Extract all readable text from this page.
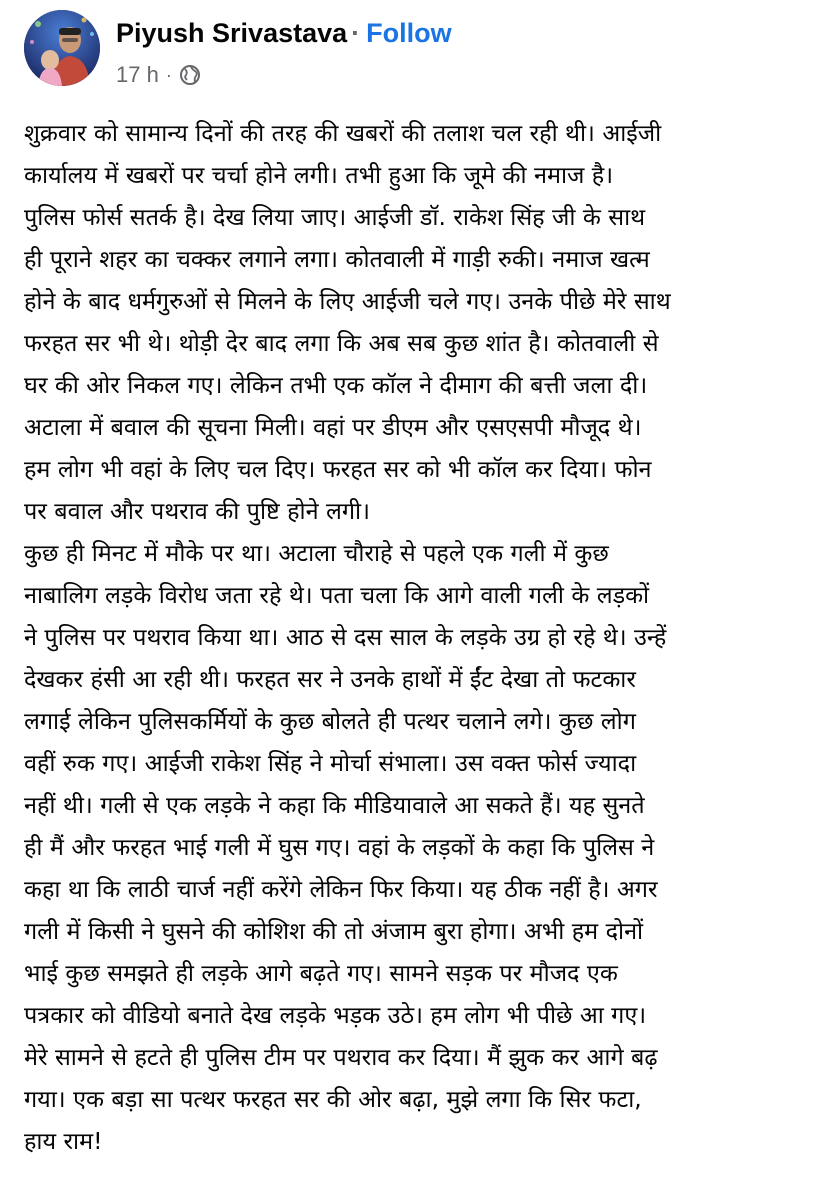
Piyush Srivastava · Follow
17 h ·
शुक्रवार को सामान्य दिनों की तरह की खबरों की तलाश चल रही थी। आईजी
कार्यालय में खबरों पर चर्चा होने लगी। तभी हुआ कि जूमे की नमाज है।
पुलिस फोर्स सतर्क है। देख लिया जाए। आईजी डॉ. राकेश सिंह जी के साथ
ही पूराने शहर का चक्कर लगाने लगा। कोतवाली में गाड़ी रुकी। नमाज खत्म
होने के बाद धर्मगुरुओं से मिलने के लिए आईजी चले गए। उनके पीछे मेरे साथ
फरहत सर भी थे। थोड़ी देर बाद लगा कि अब सब कुछ शांत है। कोतवाली से
घर की ओर निकल गए। लेकिन तभी एक कॉल ने दीमाग की बत्ती जला दी।
अटाला में बवाल की सूचना मिली। वहां पर डीएम और एसएसपी मौजूद थे।
हम लोग भी वहां के लिए चल दिए। फरहत सर को भी कॉल कर दिया। फोन
पर बवाल और पथराव की पुष्टि होने लगी।
कुछ ही मिनट में मौके पर था। अटाला चौराहे से पहले एक गली में कुछ
नाबालिग लड़के विरोध जता रहे थे। पता चला कि आगे वाली गली के लड़कों
ने पुलिस पर पथराव किया था। आठ से दस साल के लड़के उग्र हो रहे थे। उन्हें
देखकर हंसी आ रही थी। फरहत सर ने उनके हाथों में ईंट देखा तो फटकार
लगाई लेकिन पुलिसकर्मियों के कुछ बोलते ही पत्थर चलाने लगे। कुछ लोग
वहीं रुक गए। आईजी राकेश सिंह ने मोर्चा संभाला। उस वक्त फोर्स ज्यादा
नहीं थी। गली से एक लड़के ने कहा कि मीडियावाले आ सकते हैं। यह सुनते
ही मैं और फरहत भाई गली में घुस गए। वहां के लड़कों के कहा कि पुलिस ने
कहा था कि लाठी चार्ज नहीं करेंगे लेकिन फिर किया। यह ठीक नहीं है। अगर
गली में किसी ने घुसने की कोशिश की तो अंजाम बुरा होगा। अभी हम दोनों
भाई कुछ समझते ही लड़के आगे बढ़ते गए। सामने सड़क पर मौजद एक
पत्रकार को वीडियो बनाते देख लड़के भड़क उठे। हम लोग भी पीछे आ गए।
मेरे सामने से हटते ही पुलिस टीम पर पथराव कर दिया। मैं झुक कर आगे बढ़
गया। एक बड़ा सा पत्थर फरहत सर की ओर बढ़ा, मुझे लगा कि सिर फटा,
हाय राम!
